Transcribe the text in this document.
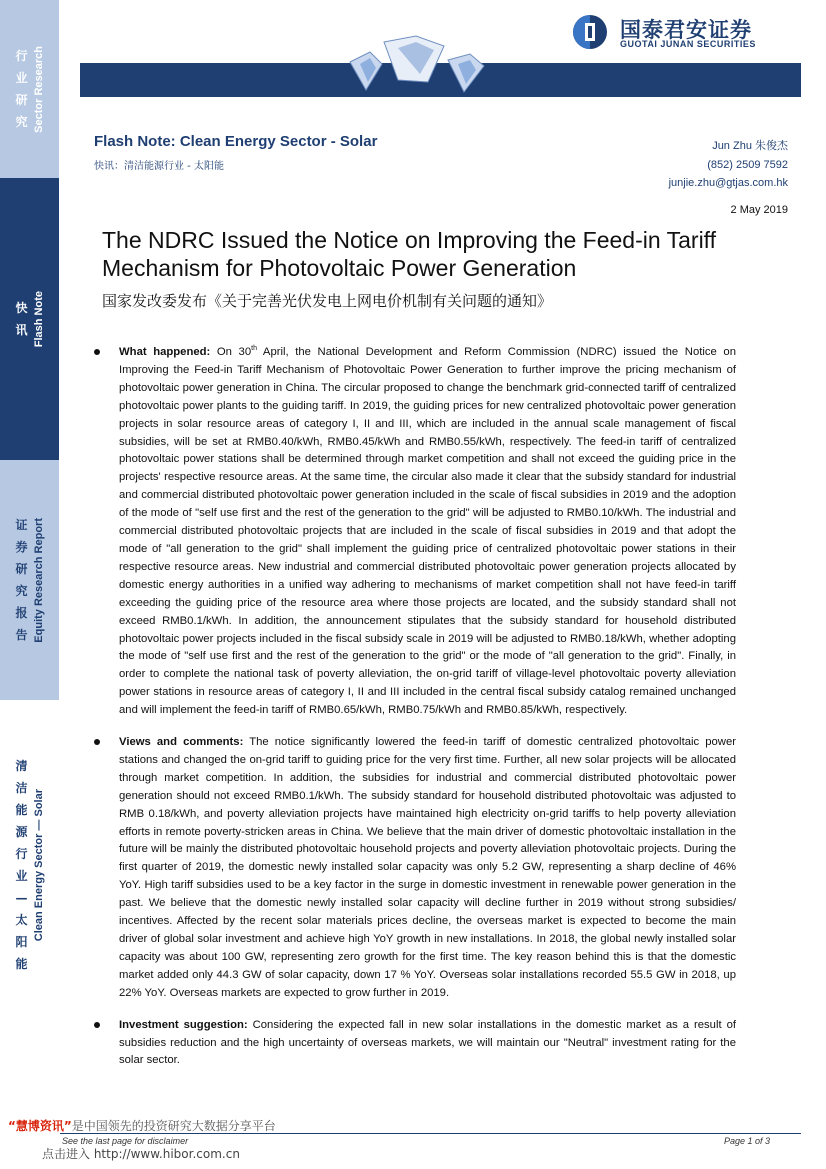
行
业
研
究 Sector Research
快
讯 Flash Note
证
券
研
究
报
告 Equity Research Report
清
洁
能
源
行
业
—
太
阳
能
Clean Energy Sector — Solar
国泰君安证券
GUOTAI JUNAN SECURITIES
Flash Note: Clean Energy Sector - Solar
快讯：清洁能源行业 - 太阳能
Jun Zhu 朱俊杰
(852) 2509 7592
junjie.zhu@gtjas.com.hk
2 May 2019
The NDRC Issued the Notice on Improving the Feed-in Tariff Mechanism for Photovoltaic Power Generation
国家发改委发布《关于完善光伏发电上网电价机制有关问题的通知》

What happened: On 30th April, the National Development and Reform Commission (NDRC) issued the Notice on Improving the Feed-in Tariff Mechanism of Photovoltaic Power Generation to further improve the pricing mechanism of photovoltaic power generation in China. The circular proposed to change the benchmark grid-connected tariff of centralized photovoltaic power plants to the guiding tariff. In 2019, the guiding prices for new centralized photovoltaic power generation projects in solar resource areas of category I, II and III, which are included in the annual scale management of fiscal subsidies, will be set at RMB0.40/kWh, RMB0.45/kWh and RMB0.55/kWh, respectively. The feed-in tariff of centralized photovoltaic power stations shall be determined through market competition and shall not exceed the guiding price in the projects' respective resource areas. At the same time, the circular also made it clear that the subsidy standard for industrial and commercial distributed photovoltaic power generation included in the scale of fiscal subsidies in 2019 and the adoption of the mode of "self use first and the rest of the generation to the grid" will be adjusted to RMB0.10/kWh. The industrial and commercial distributed photovoltaic projects that are included in the scale of fiscal subsidies in 2019 and that adopt the mode of "all generation to the grid" shall implement the guiding price of centralized photovoltaic power stations in their respective resource areas. New industrial and commercial distributed photovoltaic power generation projects allocated by domestic energy authorities in a unified way adhering to mechanisms of market competition shall not have feed-in tariff exceeding the guiding price of the resource area where those projects are located, and the subsidy standard shall not exceed RMB0.1/kWh. In addition, the announcement stipulates that the subsidy standard for household distributed photovoltaic power projects included in the fiscal subsidy scale in 2019 will be adjusted to RMB0.18/kWh, whether adopting the mode of "self use first and the rest of the generation to the grid" or the mode of "all generation to the grid". Finally, in order to complete the national task of poverty alleviation, the on-grid tariff of village-level photovoltaic poverty alleviation power stations in resource areas of category I, II and III included in the central fiscal subsidy catalog remained unchanged and will implement the feed-in tariff of RMB0.65/kWh, RMB0.75/kWh and RMB0.85/kWh, respectively.

Views and comments: The notice significantly lowered the feed-in tariff of domestic centralized photovoltaic power stations and changed the on-grid tariff to guiding price for the very first time. Further, all new solar projects will be allocated through market competition. In addition, the subsidies for industrial and commercial distributed photovoltaic power generation should not exceed RMB0.1/kWh. The subsidy standard for household distributed photovoltaic was adjusted to RMB 0.18/kWh, and poverty alleviation projects have maintained high electricity on-grid tariffs to help poverty alleviation efforts in remote poverty-stricken areas in China. We believe that the main driver of domestic photovoltaic installation in the future will be mainly the distributed photovoltaic household projects and poverty alleviation photovoltaic projects. During the first quarter of 2019, the domestic newly installed solar capacity was only 5.2 GW, representing a sharp decline of 46% YoY. High tariff subsidies used to be a key factor in the surge in domestic investment in renewable power generation in the past. We believe that the domestic newly installed solar capacity will decline further in 2019 without strong subsidies/ incentives. Affected by the recent solar materials prices decline, the overseas market is expected to become the main driver of global solar investment and achieve high YoY growth in new installations. In 2018, the global newly installed solar capacity was about 100 GW, representing zero growth for the first time. The key reason behind this is that the domestic market added only 44.3 GW of solar capacity, down 17 % YoY. Overseas solar installations recorded 55.5 GW in 2018, up 22% YoY. Overseas markets are expected to grow further in 2019.

Investment suggestion: Considering the expected fall in new solar installations in the domestic market as a result of subsidies reduction and the high uncertainty of overseas markets, we will maintain our "Neutral" investment rating for the solar sector.

“慧博资讯”是中国领先的投资研究大数据分享平台
See the last page for disclaimer	Page 1 of 3
点击进入 http://www.hibor.com.cn
